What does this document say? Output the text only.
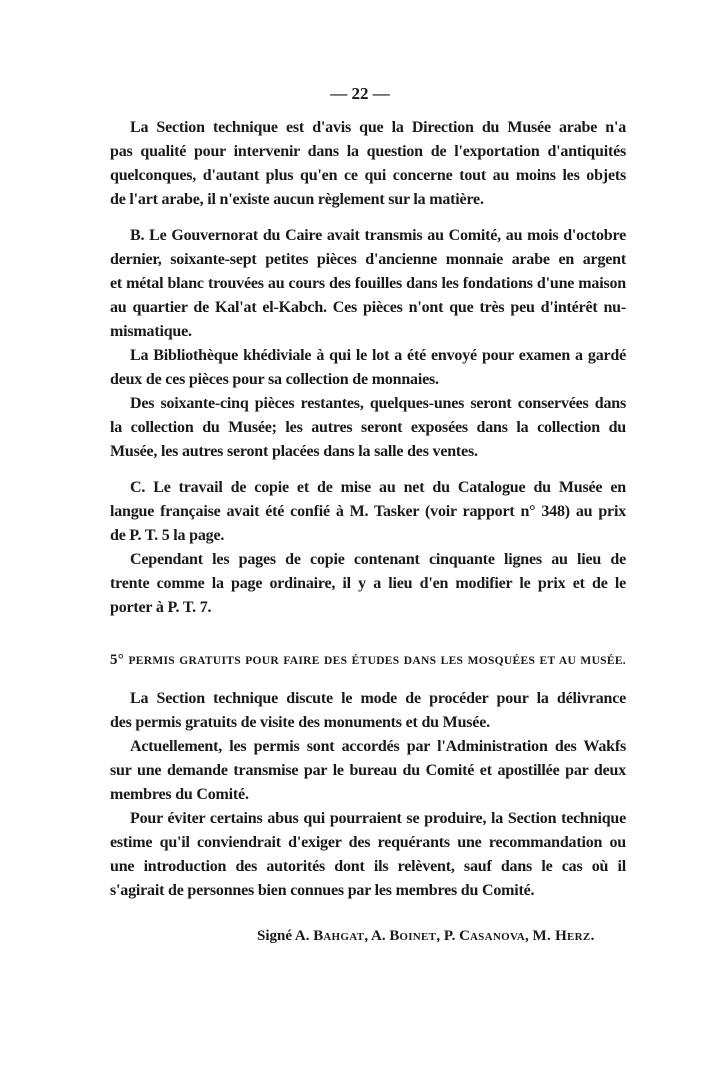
— 22 —
La Section technique est d'avis que la Direction du Musée arabe n'a
pas qualité pour intervenir dans la question de l'exportation d'antiquités
quelconques, d'autant plus qu'en ce qui concerne tout au moins les objets
de l'art arabe, il n'existe aucun règlement sur la matière.
B. Le Gouvernorat du Caire avait transmis au Comité, au mois d'octobre
dernier, soixante-sept petites pièces d'ancienne monnaie arabe en argent
et métal blanc trouvées au cours des fouilles dans les fondations d'une maison
au quartier de Kal'at el-Kabch. Ces pièces n'ont que très peu d'intérêt nu-
mismatique.
La Bibliothèque khédiviale à qui le lot a été envoyé pour examen a gardé
deux de ces pièces pour sa collection de monnaies.
Des soixante-cinq pièces restantes, quelques-unes seront conservées dans
la collection du Musée; les autres seront exposées dans la collection du
Musée, les autres seront placées dans la salle des ventes.
C. Le travail de copie et de mise au net du Catalogue du Musée en
langue française avait été confié à M. Tasker (voir rapport n° 348) au prix
de P. T. 5 la page.
Cependant les pages de copie contenant cinquante lignes au lieu de
trente comme la page ordinaire, il y a lieu d'en modifier le prix et de le
porter à P. T. 7.
5° PERMIS GRATUITS POUR FAIRE DES ÉTUDES DANS LES MOSQUÉES ET AU MUSÉE.
La Section technique discute le mode de procéder pour la délivrance
des permis gratuits de visite des monuments et du Musée.
Actuellement, les permis sont accordés par l'Administration des Wakfs
sur une demande transmise par le bureau du Comité et apostillée par deux
membres du Comité.
Pour éviter certains abus qui pourraient se produire, la Section technique
estime qu'il conviendrait d'exiger des requérants une recommandation ou
une introduction des autorités dont ils relèvent, sauf dans le cas où il
s'agirait de personnes bien connues par les membres du Comité.
Signé A. BAHGAT, A. BOINET, P. CASANOVA, M. Herz.
